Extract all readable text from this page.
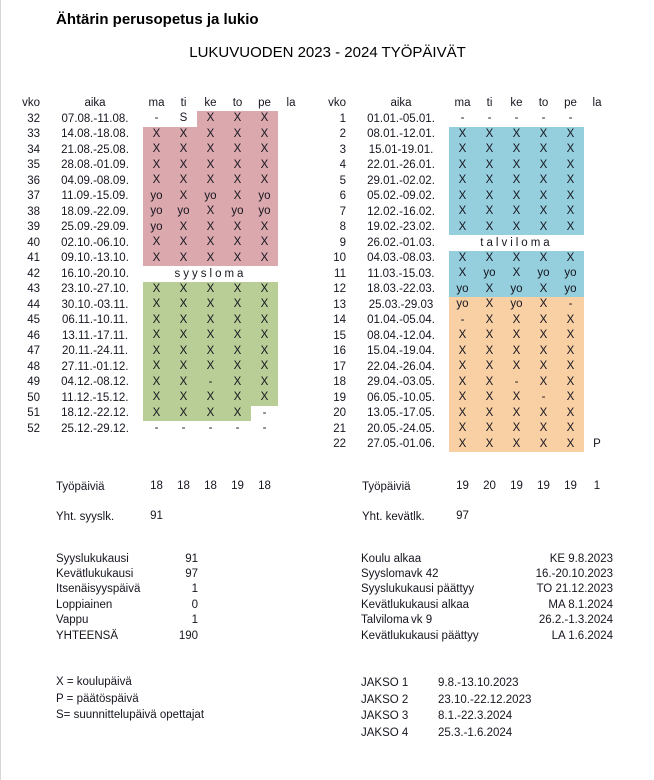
Ähtärin perusopetus ja lukio
LUKUVUODEN 2023 - 2024 TYÖPÄIVÄT
vko	aika	ma	ti	ke	to	pe	la
32	07.08.-11.08.	-	S	X	X	X
33	14.08.-18.08.	X	X	X	X	X
34	21.08.-25.08.	X	X	X	X	X
35	28.08.-01.09.	X	X	X	X	X
36	04.09.-08.09.	X	X	X	X	X
37	11.09.-15.09.	yo	X	yo	X	yo
38	18.09.-22.09.	yo	yo	X	yo	yo
39	25.09.-29.09.	yo	X	X	X	X
40	02.10.-06.10.	X	X	X	X	X
41	09.10.-13.10.	X	X	X	X	X
42	16.10.-20.10.	syysloma
43	23.10.-27.10.	X	X	X	X	X
44	30.10.-03.11.	X	X	X	X	X
45	06.11.-10.11.	X	X	X	X	X
46	13.11.-17.11.	X	X	X	X	X
47	20.11.-24.11.	X	X	X	X	X
48	27.11.-01.12.	X	X	X	X	X
49	04.12.-08.12.	X	X	-	X	X
50	11.12.-15.12.	X	X	X	X	X
51	18.12.-22.12.	X	X	X	X	-
52	25.12.-29.12.	-	-	-	-	-
vko	aika	ma	ti	ke	to	pe	la
1	01.01.-05.01.	-	-	-	-	-
2	08.01.-12.01.	X	X	X	X	X
3	15.01-19.01.	X	X	X	X	X
4	22.01.-26.01.	X	X	X	X	X
5	29.01.-02.02.	X	X	X	X	X
6	05.02.-09.02.	X	X	X	X	X
7	12.02.-16.02.	X	X	X	X	X
8	19.02.-23.02.	X	X	X	X	X
9	26.02.-01.03.	talviloma
10	04.03.-08.03.	X	X	X	X	X
11	11.03.-15.03.	X	yo	X	yo	yo
12	18.03.-22.03.	yo	X	yo	X	yo
13	25.03.-29.03	yo	X	yo	X	-
14	01.04.-05.04.	-	X	X	X	X
15	08.04.-12.04.	X	X	X	X	X
16	15.04.-19.04.	X	X	X	X	X
17	22.04.-26.04.	X	X	X	X	X
18	29.04.-03.05.	X	X	-	X	X
19	06.05.-10.05.	X	X	X	-	X
20	13.05.-17.05.	X	X	X	X	X
21	20.05.-24.05.	X	X	X	X	X
22	27.05.-01.06.	X	X	X	X	X	P
Työpäiviä	18	18	18	19	18	Työpäiviä	19	20	19	19	19	1
Yht. syyslk.	91	Yht. kevätlk.	97
Syyslukukausi	91
Kevätlukukausi	97
Itsenäisyyspäivä	1
Loppiainen	0
Vappu	1
YHTEENSÄ	190
Koulu alkaa	KE 9.8.2023
Syysloma vk 42	16.-20.10.2023
Syyslukukausi päättyy	TO 21.12.2023
Kevätlukukausi alkaa	MA 8.1.2024
Talviloma vk 9	26.2.-1.3.2024
Kevätlukukausi päättyy	LA 1.6.2024
X = koulupäivä
P = päätöspäivä
S= suunnittelupäivä opettajat
JAKSO 1	9.8.-13.10.2023
JAKSO 2	23.10.-22.12.2023
JAKSO 3	8.1.-22.3.2024
JAKSO 4	25.3.-1.6.2024
